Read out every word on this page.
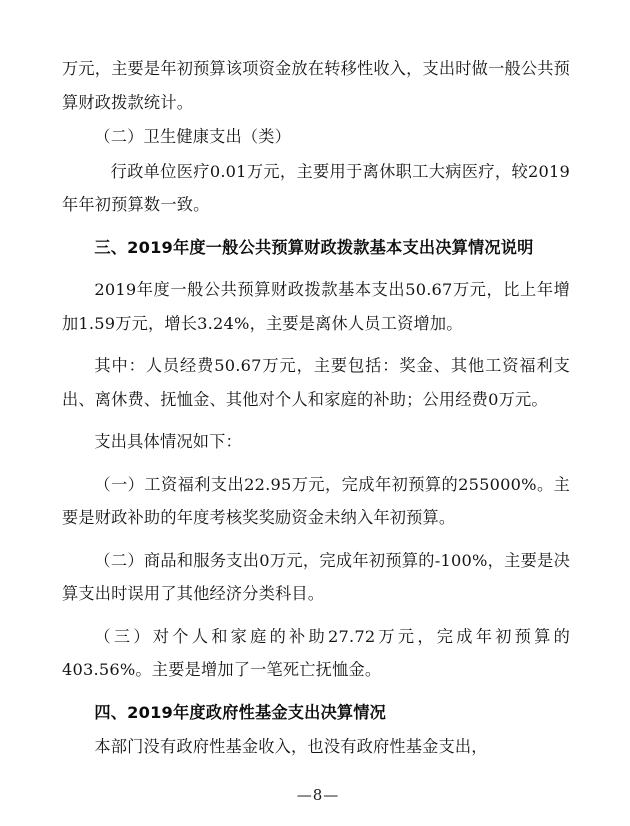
万元，主要是年初预算该项资金放在转移性收入，支出时做一般公共预算财政拨款统计。

（二）卫生健康支出（类）

行政单位医疗0.01万元，主要用于离休职工大病医疗，较2019年年初预算数一致。

三、2019年度一般公共预算财政拨款基本支出决算情况说明

2019年度一般公共预算财政拨款基本支出50.67万元，比上年增加1.59万元，增长3.24%，主要是离休人员工资增加。

其中：人员经费50.67万元，主要包括：奖金、其他工资福利支出、离休费、抚恤金、其他对个人和家庭的补助；公用经费0万元。

支出具体情况如下：

（一）工资福利支出22.95万元，完成年初预算的255000%。主要是财政补助的年度考核奖奖励资金未纳入年初预算。

（二）商品和服务支出0万元，完成年初预算的-100%，主要是决算支出时误用了其他经济分类科目。

（三）对个人和家庭的补助27.72万元，完成年初预算的403.56%。主要是增加了一笔死亡抚恤金。

四、2019年度政府性基金支出决算情况

本部门没有政府性基金收入，也没有政府性基金支出，

—8—
